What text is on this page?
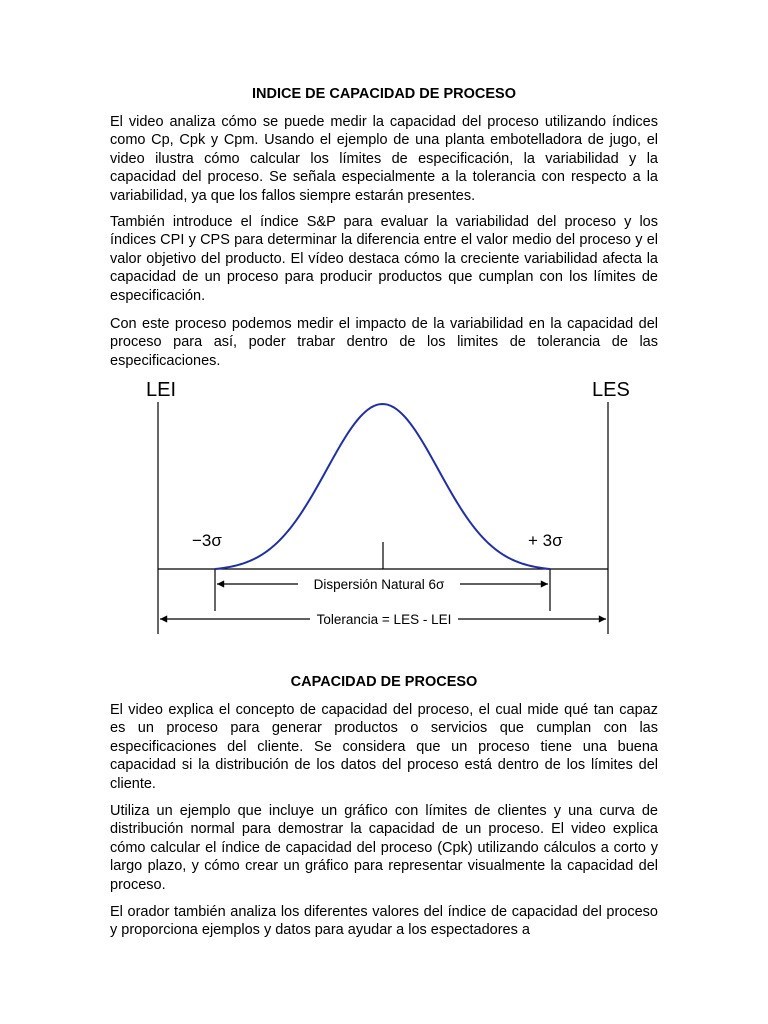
INDICE DE CAPACIDAD DE PROCESO

El video analiza cómo se puede medir la capacidad del proceso utilizando índices como Cp, Cpk y Cpm. Usando el ejemplo de una planta embotelladora de jugo, el video ilustra cómo calcular los límites de especificación, la variabilidad y la capacidad del proceso. Se señala especialmente a la tolerancia con respecto a la variabilidad, ya que los fallos siempre estarán presentes.

También introduce el índice S&P para evaluar la variabilidad del proceso y los índices CPI y CPS para determinar la diferencia entre el valor medio del proceso y el valor objetivo del producto. El vídeo destaca cómo la creciente variabilidad afecta la capacidad de un proceso para producir productos que cumplan con los límites de especificación.

Con este proceso podemos medir el impacto de la variabilidad en la capacidad del proceso para así, poder trabar dentro de los limites de tolerancia de las especificaciones.

LEI	LES
−3σ	+ 3σ
Dispersión Natural 6σ
Tolerancia = LES - LEI
CAPACIDAD DE PROCESO

El video explica el concepto de capacidad del proceso, el cual mide qué tan capaz es un proceso para generar productos o servicios que cumplan con las especificaciones del cliente. Se considera que un proceso tiene una buena capacidad si la distribución de los datos del proceso está dentro de los límites del cliente.

Utiliza un ejemplo que incluye un gráfico con límites de clientes y una curva de distribución normal para demostrar la capacidad de un proceso. El video explica cómo calcular el índice de capacidad del proceso (Cpk) utilizando cálculos a corto y largo plazo, y cómo crear un gráfico para representar visualmente la capacidad del proceso.

El orador también analiza los diferentes valores del índice de capacidad del proceso y proporciona ejemplos y datos para ayudar a los espectadores a
